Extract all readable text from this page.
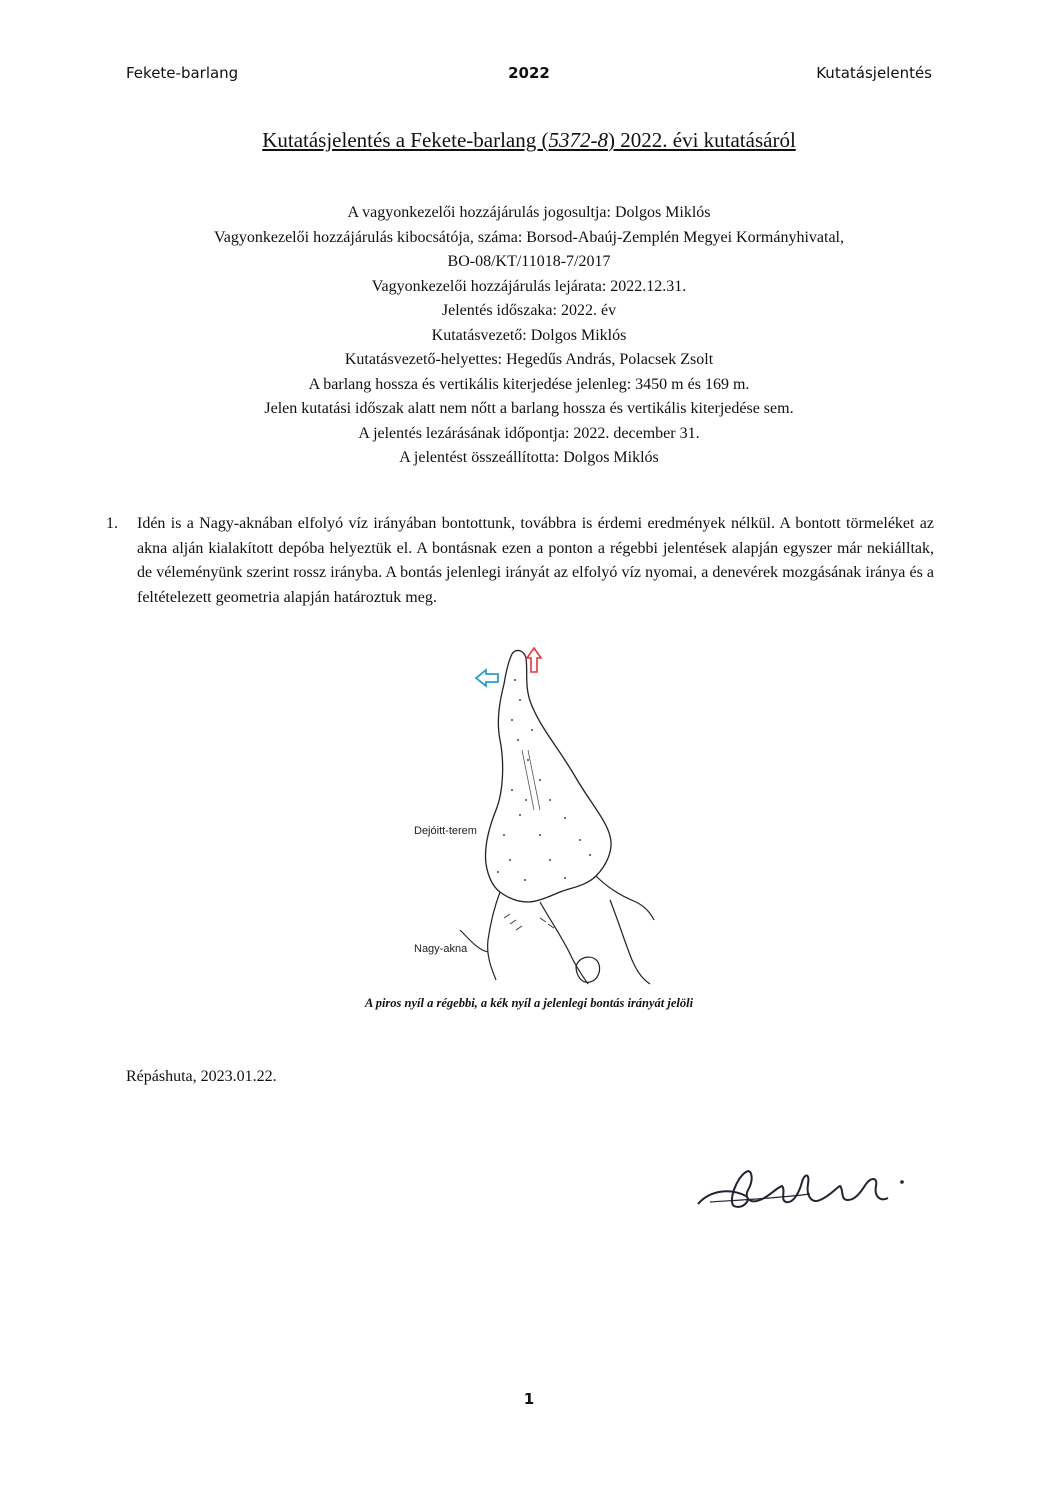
Fekete-barlang	2022	Kutatásjelentés
Kutatásjelentés a Fekete-barlang (5372-8) 2022. évi kutatásáról
A vagyonkezelői hozzájárulás jogosultja: Dolgos Miklós
Vagyonkezelői hozzájárulás kibocsátója, száma: Borsod-Abaúj-Zemplén Megyei Kormányhivatal,
BO-08/KT/11018-7/2017
Vagyonkezelői hozzájárulás lejárata: 2022.12.31.
Jelentés időszaka: 2022. év
Kutatásvezető: Dolgos Miklós
Kutatásvezető-helyettes: Hegedűs András, Polacsek Zsolt
A barlang hossza és vertikális kiterjedése jelenleg: 3450 m és 169 m.
Jelen kutatási időszak alatt nem nőtt a barlang hossza és vertikális kiterjedése sem.
A jelentés lezárásának időpontja: 2022. december 31.
A jelentést összeállította: Dolgos Miklós
1. Idén is a Nagy-aknában elfolyó víz irányában bontottunk, továbbra is érdemi eredmények nélkül. A bontott törmeléket az akna alján kialakított depóba helyeztük el. A bontásnak ezen a ponton a régebbi jelentések alapján egyszer már nekiálltak, de véleményünk szerint rossz irányba. A bontás jelenlegi irányát az elfolyó víz nyomai, a denevérek mozgásának iránya és a feltételezett geometria alapján határoztuk meg.
Dejóitt-terem
Nagy-akna
A piros nyíl a régebbi, a kék nyíl a jelenlegi bontás irányát jelöli
Répáshuta, 2023.01.22.
1
